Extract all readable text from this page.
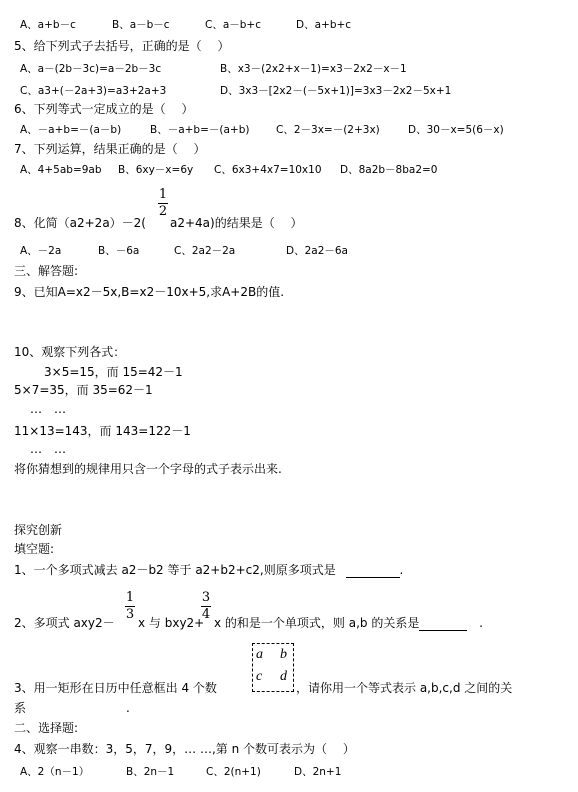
A、a+b－c	B、a－b－c	C、a－b+c	D、a+b+c
5、给下列式子去括号，正确的是（　 ）
A、a－(2b－3c)=a－2b－3c	B、x3－(2x2+x－1)=x3－2x2－x－1
C、a3+(－2a+3)=a3+2a+3	D、3x3－[2x2－(－5x+1)]=3x3－2x2－5x+1
6、下列等式一定成立的是（　 ）
A、－a+b=－(a－b)	B、－a+b=－(a+b)	C、2－3x=－(2+3x)	D、30－x=5(6－x)
7、下列运算，结果正确的是（　 ）
A、4+5ab=9ab B、6xy－x=6y C、6x3+4x7=10x10 D、8a2b－8ba2=0
8、化简（a2+2a）－2(
1
2
a2+4a)的结果是（　 ）
A、－2a	B、－6a	C、2a2－2a	D、2a2－6a
三、解答题:
9、已知A=x2－5x,B=x2－10x+5,求A+2B的值.
10、观察下列各式：
3×5=15，而 15=42－1
5×7=35，而 35=62－1
…　…
11×13=143，而 143=122－1
…　…
将你猜想到的规律用只含一个字母的式子表示出来.
探究创新
填空题:
1、一个多项式减去 a2－b2 等于 a2+b2+c2,则原多项式是	.
2、多项式 axy2－
1
3
x 与 bxy2+
3
4
x 的和是一个单项式，则 a,b 的关系是	.
3、用一矩形在日历中任意框出 4 个数
a b
c d
，请你用一个等式表示 a,b,c,d 之间的关
系	.
二、选择题:
4、观察一串数：3，5，7，9，… …,第 n 个数可表示为（　 ）
A、2（n－1）	B、2n－1	C、2(n+1)	D、2n+1
